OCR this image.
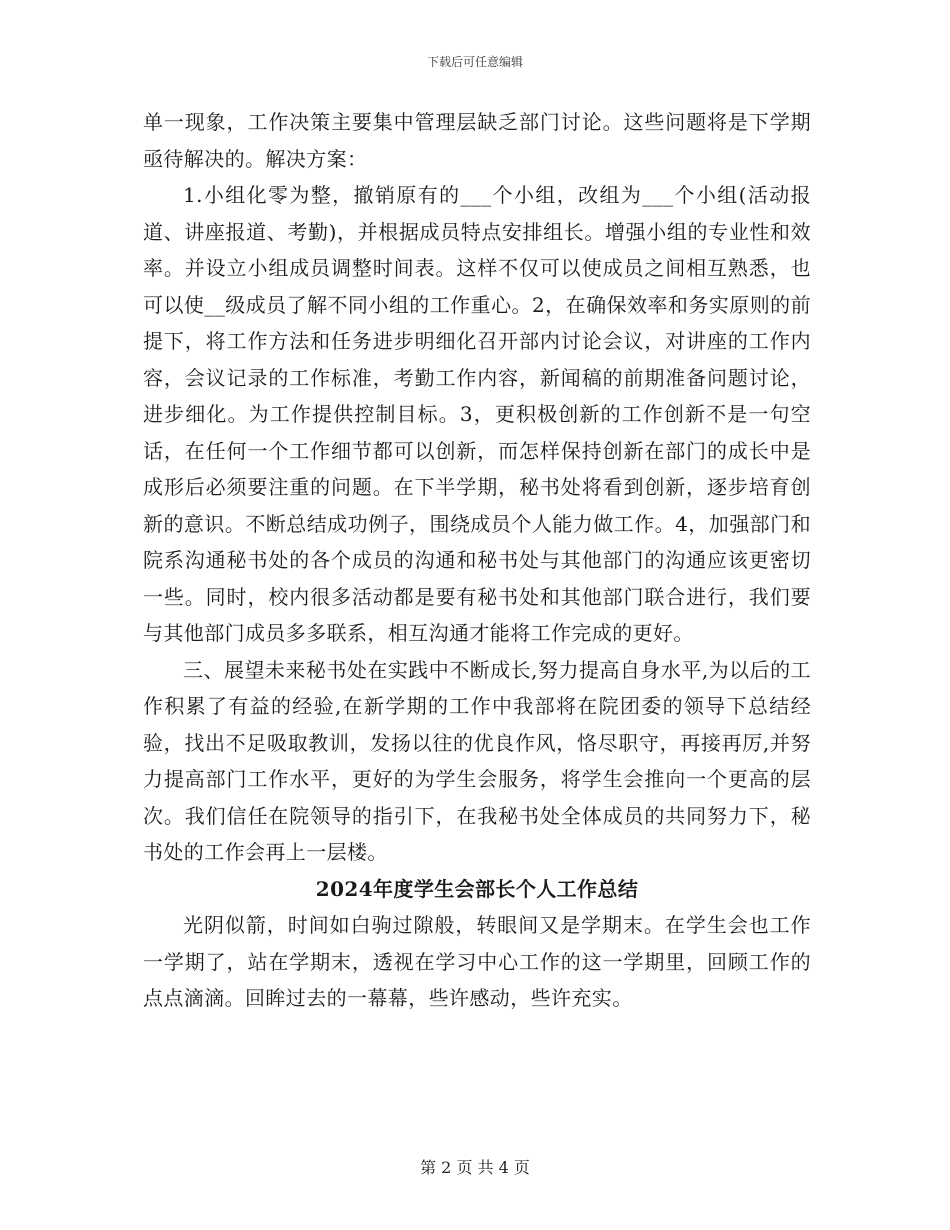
下载后可任意编辑

单一现象，工作决策主要集中管理层缺乏部门讨论。这些问题将是下学期亟待解决的。解决方案：

1.小组化零为整，撤销原有的___个小组，改组为___个小组(活动报道、讲座报道、考勤)，并根据成员特点安排组长。增强小组的专业性和效率。并设立小组成员调整时间表。这样不仅可以使成员之间相互熟悉，也可以使__级成员了解不同小组的工作重心。2，在确保效率和务实原则的前提下，将工作方法和任务进步明细化召开部内讨论会议，对讲座的工作内容，会议记录的工作标准，考勤工作内容，新闻稿的前期准备问题讨论，进步细化。为工作提供控制目标。3，更积极创新的工作创新不是一句空话，在任何一个工作细节都可以创新，而怎样保持创新在部门的成长中是成形后必须要注重的问题。在下半学期，秘书处将看到创新，逐步培育创新的意识。不断总结成功例子，围绕成员个人能力做工作。4，加强部门和院系沟通秘书处的各个成员的沟通和秘书处与其他部门的沟通应该更密切一些。同时，校内很多活动都是要有秘书处和其他部门联合进行，我们要与其他部门成员多多联系，相互沟通才能将工作完成的更好。

三、展望未来秘书处在实践中不断成长,努力提高自身水平,为以后的工作积累了有益的经验,在新学期的工作中我部将在院团委的领导下总结经验，找出不足吸取教训，发扬以往的优良作风，恪尽职守，再接再厉,并努力提高部门工作水平，更好的为学生会服务，将学生会推向一个更高的层次。我们信任在院领导的指引下，在我秘书处全体成员的共同努力下，秘书处的工作会再上一层楼。

2024年度学生会部长个人工作总结

光阴似箭，时间如白驹过隙般，转眼间又是学期末。在学生会也工作一学期了，站在学期末，透视在学习中心工作的这一学期里，回顾工作的点点滴滴。回眸过去的一幕幕，些许感动，些许充实。

第 2 页 共 4 页
